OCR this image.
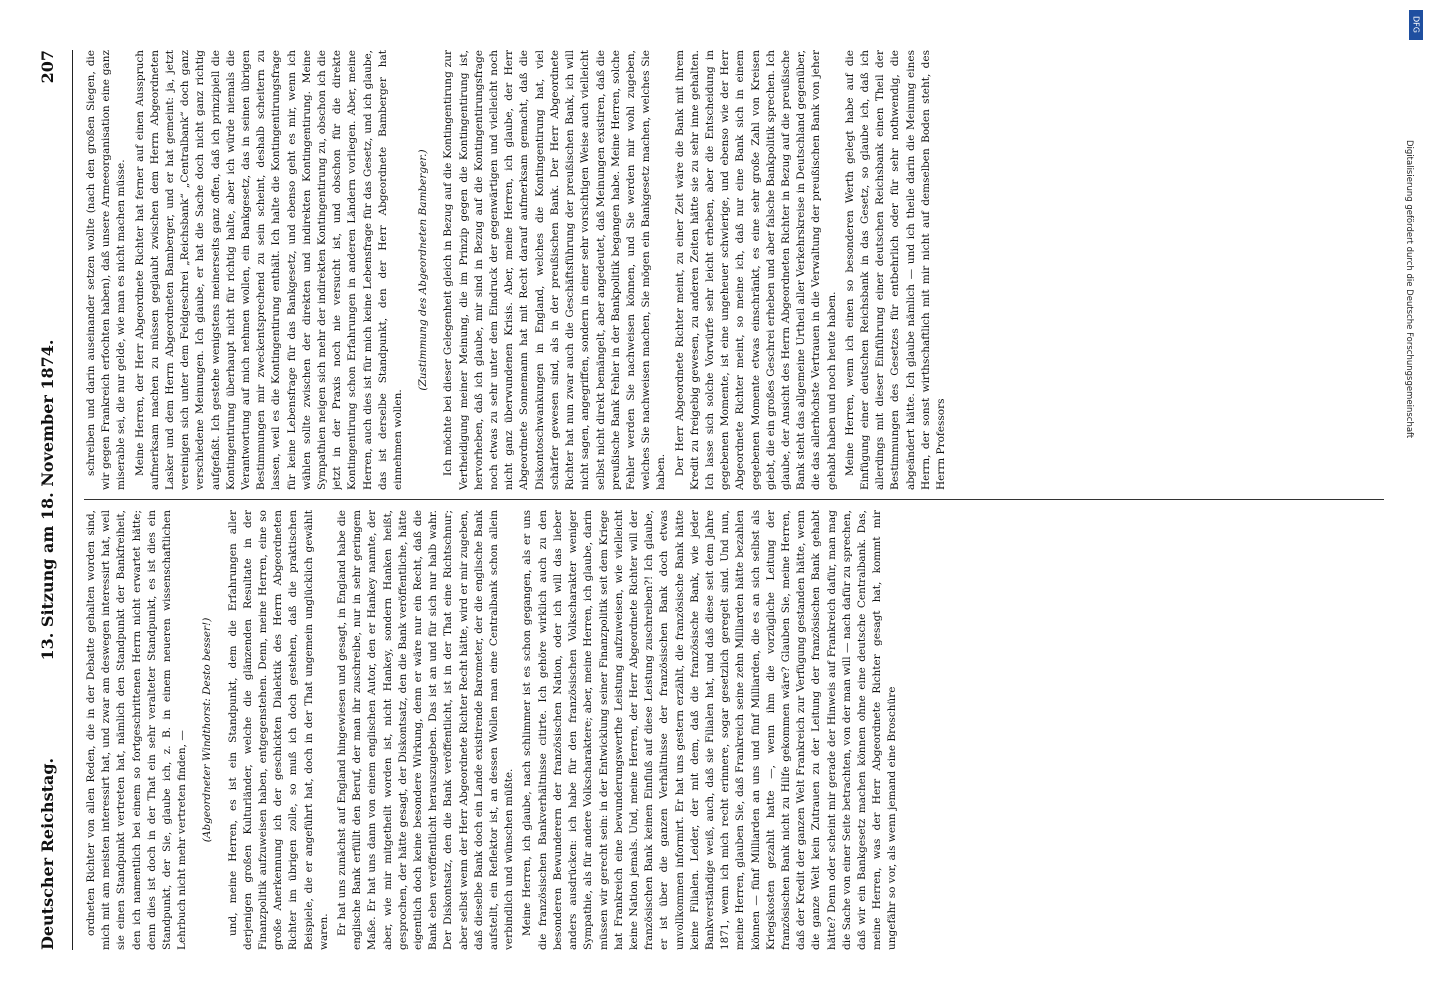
Deutscher Reichstag.
13. Sitzung am 18. November 1874.
207

ordneten Richter von allen Reden, die in der Debatte gehalten worden sind, mich mit am meisten interessirt hat, und zwar am deswegen interessirt hat, weil sie einen Standpunkt vertreten hat, nämlich den Standpunkt der Bankfreiheit, den ich namentlich bei einem so fortgeschrittenen Herrn nicht erwartet hätte; denn dies ist doch in der That ein sehr veralteter Standpunkt, es ist dies ein Standpunkt, der Sie, glaube ich, z. B. in einem neueren wissenschaftlichen Lehrbuch nicht mehr vertreten finden, — (Abgeordneter Windthorst: Desto besser!) und, meine Herren, es ist ein Standpunkt, dem die Erfahrungen aller derjenigen großen Kulturländer, welche die glänzenden Resultate in der Finanzpolitik aufzuweisen haben, entgegenstehen. Denn, meine Herren, eine so große Anerkennung ich der geschickten Dialektik des Herrn Abgeordneten Richter im übrigen zolle, so muß ich doch gestehen, daß die praktischen Beispiele, die er angeführt hat, doch in der That ungemein unglücklich gewählt waren. Er hat uns zunächst auf England hingewiesen und gesagt, in England habe die englische Bank erfüllt den Beruf, der man ihr zuschreibe, nur in sehr geringem Maße. Er hat uns dann von einem englischen Autor, den er Hankey nannte, der aber, wie mir mitgetheilt worden ist, nicht Hankey, sondern Hanken heißt, gesprochen, der hätte gesagt, der Diskontsatz, den die Bank veröffentliche, hätte eigentlich doch keine besondere Wirkung, denn er wäre nur ein Recht, daß die Bank eben veröffentlicht herauszugeben. Das ist an und für sich nur halb wahr. Der Diskontsatz, den die Bank veröffentlicht, ist in der That eine Richtschnur; aber selbst wenn der Herr Abgeordnete Richter Recht hätte, wird er mir zugeben, daß dieselbe Bank doch ein Lande existirende Barometer, der die englische Bank aufstellt, ein Reflektor ist, an dessen Wollen man eine Centralbank schon allein verbindlich und wünschen müßte. Meine Herren, ich glaube, nach schlimmer ist es schon gegangen, als er uns die französischen Bankverhältnisse citirte. Ich gehöre wirklich auch zu den besonderen Bewunderern der französischen Nation, oder ich will das lieber anders ausdrücken: ich habe für den französischen Volkscharakter weniger Sympathie, als für andere Volkscharaktere; aber, meine Herren, ich glaube, darin müssen wir gerecht sein: in der Entwicklung seiner Finanzpolitik seit dem Kriege hat Frankreich eine bewunderungswerthe Leistung aufzuweisen, wie vielleicht keine Nation jemals. Und, meine Herren, der Herr Abgeordnete Richter will der französischen Bank keinen Einfluß auf diese Leistung zuschreiben?! Ich glaube, er ist über die ganzen Verhältnisse der französischen Bank doch etwas unvollkommen informirt. Er hat uns gestern erzählt, die französische Bank hätte keine Filialen. Leider, der mit dem, daß die französische Bank, wie jeder Bankverständige weiß, auch, daß sie Filialen hat, und daß diese seit dem Jahre 1871, wenn ich mich recht erinnere, sogar gesetzlich geregelt sind. Und nun, meine Herren, glauben Sie, daß Frankreich seine zehn Milliarden hätte bezahlen können — fünf Milliarden an uns und fünf Milliarden, die es an sich selbst als Kriegskosten gezahlt hatte —, wenn ihm die vorzügliche Leitung der französischen Bank nicht zu Hilfe gekommen wäre? Glauben Sie, meine Herren, daß der Kredit der ganzen Welt Frankreich zur Verfügung gestanden hätte, wenn die ganze Welt kein Zutrauen zu der Leitung der französischen Bank gehabt hätte? Denn oder scheint mir gerade der Hinweis auf Frankreich dafür, man mag die Sache von einer Seite betrachten, von der man will — nach dafür zu sprechen, daß wir ein Bankgesetz machen können ohne eine deutsche Centralbank. Das, meine Herren, was der Herr Abgeordnete Richter gesagt hat, kommt mir ungefähr so vor, als wenn jemand eine Broschüre

schreiben und darin auseinander setzen wollte (nach den großen Siegen, die wir gegen Frankreich erfochten haben), daß unsere Armeeorganisation eine ganz miserable sei, die nur gelde, wie man es nicht machen müsse. Meine Herren, der Herr Abgeordnete Richter hat ferner auf einen Ausspruch aufmerksam machen zu müssen geglaubt zwischen dem Herrn Abgeordneten Lasker und dem Herrn Abgeordneten Bamberger, und er hat gemeint: ja, jetzt vereinigen sich unter dem Feldgeschrei „Reichsbank“ „Centralbank“ doch ganz verschiedene Meinungen. Ich glaube, er hat die Sache doch nicht ganz richtig aufgefaßt. Ich gestehe wenigstens meinerseits ganz offen, daß ich prinzipiell die Kontingentirung überhaupt nicht für richtig halte, aber ich würde niemals die Verantwortung auf mich nehmen wollen, ein Bankgesetz, das in seinen übrigen Bestimmungen mir zweckentsprechend zu sein scheint, deshalb scheitern zu lassen, weil es die Kontingentirung enthält. Ich halte die Kontingentirungsfrage für keine Lebensfrage für das Bankgesetz, und ebenso geht es mir, wenn ich wählen sollte zwischen der direkten und indirekten Kontingentirung. Meine Sympathien neigen sich mehr der indirekten Kontingentirung zu, obschon ich die jetzt in der Praxis noch nie versucht ist, und obschon für die direkte Kontingentirung schon Erfahrungen in anderen Ländern vorliegen. Aber, meine Herren, auch dies ist für mich keine Lebensfrage für das Gesetz, und ich glaube, das ist derselbe Standpunkt, den der Herr Abgeordnete Bamberger hat einnehmen wollen.

(Zustimmung des Abgeordneten Bamberger.) Ich möchte bei dieser Gelegenheit gleich in Bezug auf die Kontingentirung zur Vertheidigung meiner Meinung, die im Prinzip gegen die Kontingentirung ist, hervorheben, daß ich glaube, mir sind in Bezug auf die Kontingentirungsfrage noch etwas zu sehr unter dem Eindruck der gegenwärtigen und vielleicht noch nicht ganz überwundenen Krisis. Aber, meine Herren, ich glaube, der Herr Abgeordnete Sonnemann hat mit Recht darauf aufmerksam gemacht, daß die Diskontoschwankungen in England, welches die Kontingentirung hat, viel schärfer gewesen sind, als in der preußischen Bank. Der Herr Abgeordnete Richter hat nun zwar auch die Geschäftsführung der preußischen Bank, ich will nicht sagen, angegriffen, sondern in einer sehr vorsichtigen Weise auch vielleicht selbst nicht direkt bemängelt, aber angedeutet, daß Meinungen existiren, daß die preußische Bank Fehler in der Bankpolitik begangen habe. Meine Herren, solche Fehler werden Sie nachweisen können, und Sie werden mir wohl zugeben, welches Sie nachweisen machen, Sie mögen ein Bankgesetz machen, welches Sie haben. Der Herr Abgeordnete Richter meint, zu einer Zeit wäre die Bank mit ihrem Kredit zu freigebig gewesen, zu anderen Zeiten hätte sie zu sehr inne gehalten. Ich lasse sich solche Vorwürfe sehr leicht erheben, aber die Entscheidung in gegebenen Momente, ist eine ungeheuer schwierige, und ebenso wie der Herr Abgeordnete Richter meint, so meine ich, daß nur eine Bank sich in einem gegebenen Momente etwas einschränkt, es eine sehr große Zahl von Kreisen giebt, die ein großes Geschrei erheben und aber falsche Bankpolitik sprechen. Ich glaube, der Ansicht des Herrn Abgeordneten Richter in Bezug auf die preußische Bank steht das allgemeine Urtheil aller Verkehrskreise in Deutschland gegenüber, die das allerhöchste Vertrauen in die Verwaltung der preußischen Bank von jeher gehabt haben und noch heute haben. Meine Herren, wenn ich einen so besonderen Werth gelegt habe auf die Einfügung einer deutschen Reichsbank in das Gesetz, so glaube ich, daß ich allerdings mit dieser Einführung einer deutschen Reichsbank einen Theil der Bestimmungen des Gesetzes für entbehrlich oder für sehr nothwendig, die abgeändert hätte. Ich glaube nämlich — und ich theile darin die Meinung eines Herrn, der sonst wirthschaftlich mit mir nicht auf demselben Boden steht, des Herrn Professors

DFG
Digitalisierung gefördert durch die Deutsche Forschungsgemeinschaft
